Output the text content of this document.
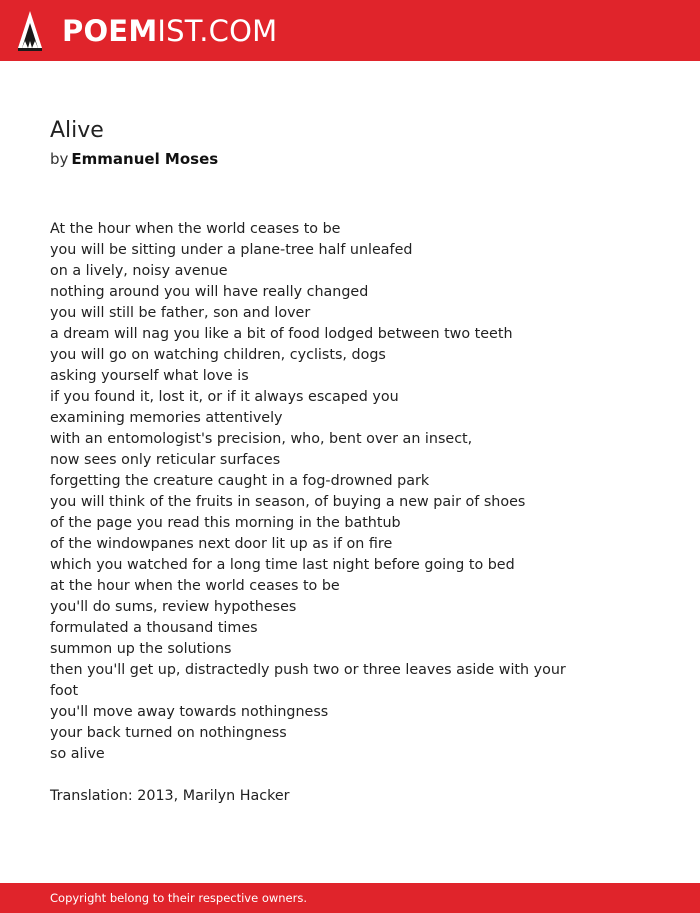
POEMIST.COM
Alive
by Emmanuel Moses
At the hour when the world ceases to be
you will be sitting under a plane-tree half unleafed
on a lively, noisy avenue
nothing around you will have really changed
you will still be father, son and lover
a dream will nag you like a bit of food lodged between two teeth
you will go on watching children, cyclists, dogs
asking yourself what love is
if you found it, lost it, or if it always escaped you
examining memories attentively
with an entomologist's precision, who, bent over an insect,
now sees only reticular surfaces
forgetting the creature caught in a fog-drowned park
you will think of the fruits in season, of buying a new pair of shoes
of the page you read this morning in the bathtub
of the windowpanes next door lit up as if on fire
which you watched for a long time last night before going to bed
at the hour when the world ceases to be
you'll do sums, review hypotheses
formulated a thousand times
summon up the solutions
then you'll get up, distractedly push two or three leaves aside with your
foot
you'll move away towards nothingness
your back turned on nothingness
so alive
Translation: 2013, Marilyn Hacker
Copyright belong to their respective owners.
